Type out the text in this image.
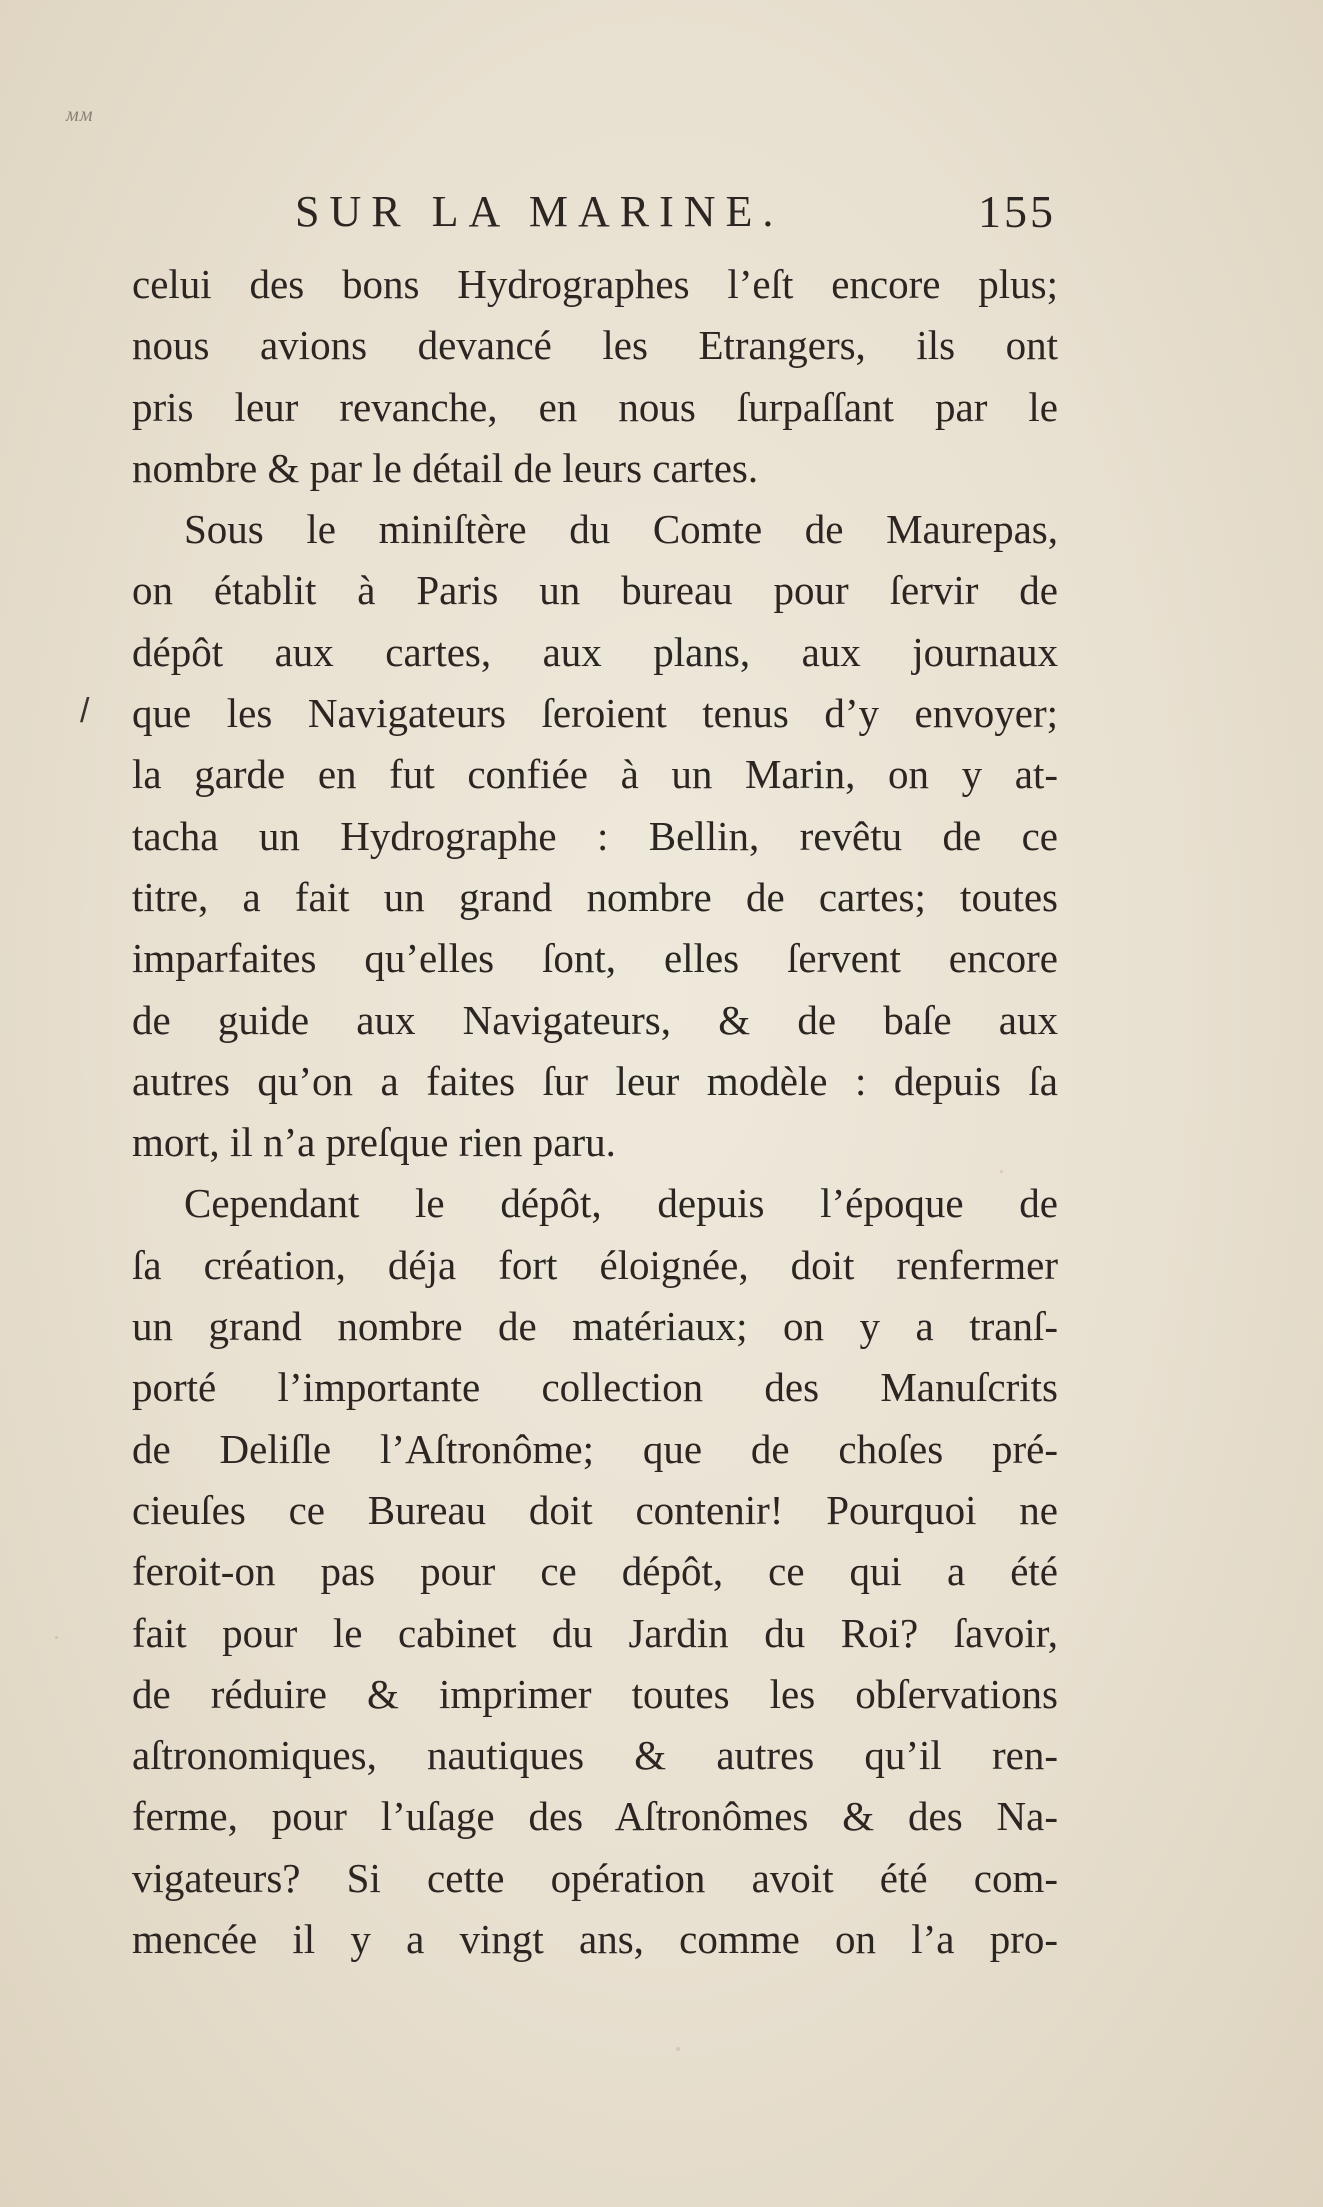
мм
SUR LA MARINE.	155
/
celui des bons Hydrographes l’eſt encore plus;
nous avions devancé les Etrangers, ils ont
pris leur revanche, en nous ſurpaſſant par le
nombre & par le détail de leurs cartes.
Sous le miniſtère du Comte de Maurepas,
on établit à Paris un bureau pour ſervir de
dépôt aux cartes, aux plans, aux journaux
que les Navigateurs ſeroient tenus d’y envoyer;
la garde en fut confiée à un Marin, on y at-
tacha un Hydrographe : Bellin, revêtu de ce
titre, a fait un grand nombre de cartes; toutes
imparfaites qu’elles ſont, elles ſervent encore
de guide aux Navigateurs, & de baſe aux
autres qu’on a faites ſur leur modèle : depuis ſa
mort, il n’a preſque rien paru.
Cependant le dépôt, depuis l’époque de
ſa création, déja fort éloignée, doit renfermer
un grand nombre de matériaux; on y a tranſ-
porté l’importante collection des Manuſcrits
de Deliſle l’Aſtronôme; que de choſes pré-
cieuſes ce Bureau doit contenir! Pourquoi ne
feroit-on pas pour ce dépôt, ce qui a été
fait pour le cabinet du Jardin du Roi? ſavoir,
de réduire & imprimer toutes les obſervations
aſtronomiques, nautiques & autres qu’il ren-
ferme, pour l’uſage des Aſtronômes & des Na-
vigateurs? Si cette opération avoit été com-
mencée il y a vingt ans, comme on l’a pro-
